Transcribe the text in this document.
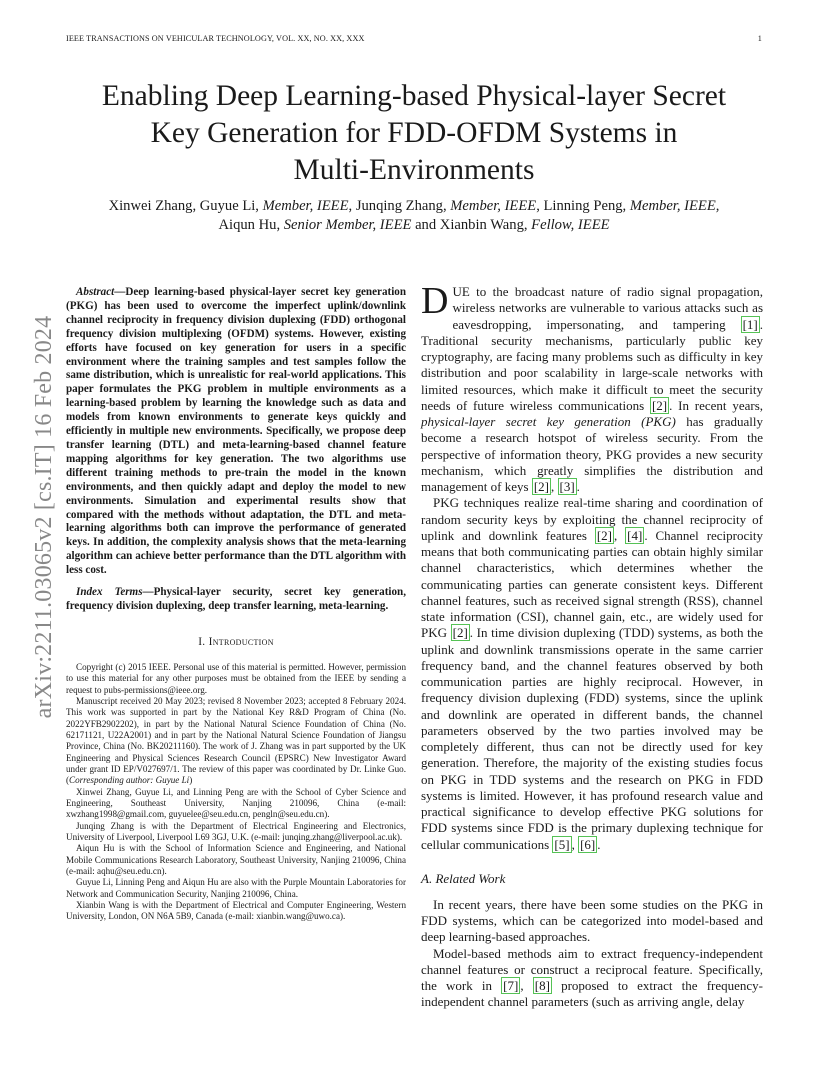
IEEE TRANSACTIONS ON VEHICULAR TECHNOLOGY, VOL. XX, NO. XX, XXX	1
Enabling Deep Learning-based Physical-layer Secret
Key Generation for FDD-OFDM Systems in
Multi-Environments
Xinwei Zhang, Guyue Li, Member, IEEE, Junqing Zhang, Member, IEEE, Linning Peng, Member, IEEE,
Aiqun Hu, Senior Member, IEEE and Xianbin Wang, Fellow, IEEE
arXiv:2211.03065v2 [cs.IT] 16 Feb 2024

Abstract—Deep learning-based physical-layer secret key generation (PKG) has been used to overcome the imperfect uplink/downlink channel reciprocity in frequency division duplexing (FDD) orthogonal frequency division multiplexing (OFDM) systems. However, existing efforts have focused on key generation for users in a specific environment where the training samples and test samples follow the same distribution, which is unrealistic for real-world applications. This paper formulates the PKG problem in multiple environments as a learning-based problem by learning the knowledge such as data and models from known environments to generate keys quickly and efficiently in multiple new environments. Specifically, we propose deep transfer learning (DTL) and meta-learning-based channel feature mapping algorithms for key generation. The two algorithms use different training methods to pre-train the model in the known environments, and then quickly adapt and deploy the model to new environments. Simulation and experimental results show that compared with the methods without adaptation, the DTL and meta-learning algorithms both can improve the performance of generated keys. In addition, the complexity analysis shows that the meta-learning algorithm can achieve better performance than the DTL algorithm with less cost.

Index Terms—Physical-layer security, secret key generation, frequency division duplexing, deep transfer learning, meta-learning.

I. Introduction

Copyright (c) 2015 IEEE. Personal use of this material is permitted. However, permission to use this material for any other purposes must be obtained from the IEEE by sending a request to pubs-permissions@ieee.org.

Manuscript received 20 May 2023; revised 8 November 2023; accepted 8 February 2024. This work was supported in part by the National Key R&D Program of China (No. 2022YFB2902202), in part by the National Natural Science Foundation of China (No. 62171121, U22A2001) and in part by the National Natural Science Foundation of Jiangsu Province, China (No. BK20211160). The work of J. Zhang was in part supported by the UK Engineering and Physical Sciences Research Council (EPSRC) New Investigator Award under grant ID EP/V027697/1. The review of this paper was coordinated by Dr. Linke Guo. (Corresponding author: Guyue Li)

Xinwei Zhang, Guyue Li, and Linning Peng are with the School of Cyber Science and Engineering, Southeast University, Nanjing 210096, China (e-mail: xwzhang1998@gmail.com, guyuelee@seu.edu.cn, pengln@seu.edu.cn).

Junqing Zhang is with the Department of Electrical Engineering and Electronics, University of Liverpool, Liverpool L69 3GJ, U.K. (e-mail: junqing.zhang@liverpool.ac.uk).

Aiqun Hu is with the School of Information Science and Engineering, and National Mobile Communications Research Laboratory, Southeast University, Nanjing 210096, China (e-mail: aqhu@seu.edu.cn).

Guyue Li, Linning Peng and Aiqun Hu are also with the Purple Mountain Laboratories for Network and Communication Security, Nanjing 210096, China.

Xianbin Wang is with the Department of Electrical and Computer Engineering, Western University, London, ON N6A 5B9, Canada (e-mail: xianbin.wang@uwo.ca).

DUE to the broadcast nature of radio signal propagation, wireless networks are vulnerable to various attacks such as eavesdropping, impersonating, and tampering [1] . Traditional security mechanisms, particularly public key cryptography, are facing many problems such as difficulty in key distribution and poor scalability in large-scale networks with limited resources, which make it difficult to meet the security needs of future wireless communications [2] . In recent years, physical-layer secret key generation (PKG) has gradually become a research hotspot of wireless security. From the perspective of information theory, PKG provides a new security mechanism, which greatly simplifies the distribution and management of keys [2] , [3] .

PKG techniques realize real-time sharing and coordination of random security keys by exploiting the channel reciprocity of uplink and downlink features [2] , [4] . Channel reciprocity means that both communicating parties can obtain highly similar channel characteristics, which determines whether the communicating parties can generate consistent keys. Different channel features, such as received signal strength (RSS), channel state information (CSI), channel gain, etc., are widely used for PKG [2] . In time division duplexing (TDD) systems, as both the uplink and downlink transmissions operate in the same carrier frequency band, and the channel features observed by both communication parties are highly reciprocal. However, in frequency division duplexing (FDD) systems, since the uplink and downlink are operated in different bands, the channel parameters observed by the two parties involved may be completely different, thus can not be directly used for key generation. Therefore, the majority of the existing studies focus on PKG in TDD systems and the research on PKG in FDD systems is limited. However, it has profound research value and practical significance to develop effective PKG solutions for FDD systems since FDD is the primary duplexing technique for cellular communications [5] , [6] .

A. Related Work

In recent years, there have been some studies on the PKG in FDD systems, which can be categorized into model-based and deep learning-based approaches.

Model-based methods aim to extract frequency-independent channel features or construct a reciprocal feature. Specifically, the work in [7] , [8] proposed to extract the frequency-independent channel parameters (such as arriving angle, delay
